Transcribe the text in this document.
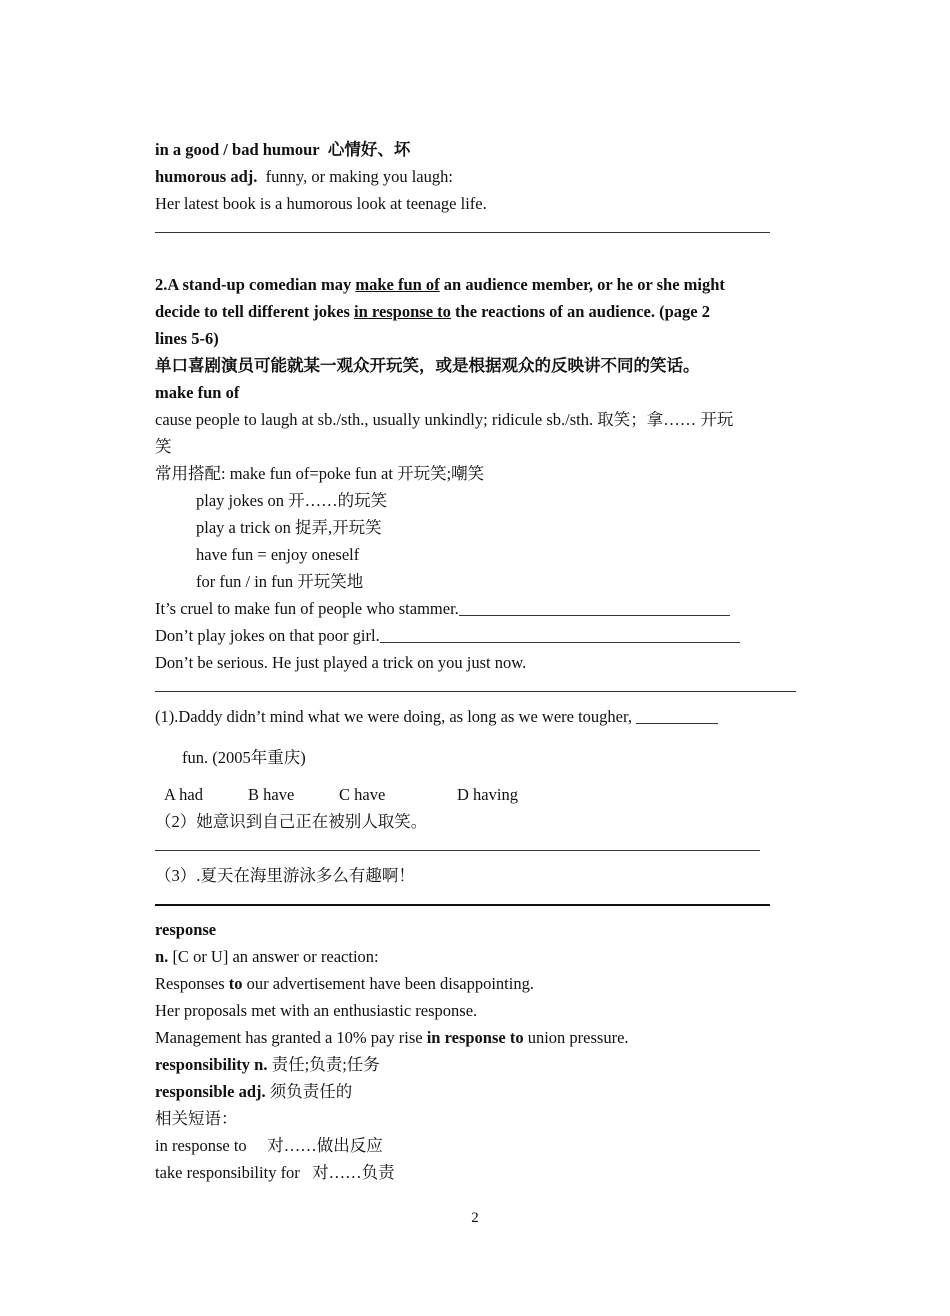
in a good / bad humour 心情好、坏
humorous adj. funny, or making you laugh:
Her latest book is a humorous look at teenage life.
2.A stand-up comedian may make fun of an audience member, or he or she might
decide to tell different jokes in response to the reactions of an audience. (page 2
lines 5-6)
单口喜剧演员可能就某一观众开玩笑，或是根据观众的反映讲不同的笑话。
make fun of
cause people to laugh at sb./sth., usually unkindly; ridicule sb./sth. 取笑；拿…… 开玩
笑
常用搭配: make fun of=poke fun at 开玩笑;嘲笑
play jokes on 开……的玩笑
play a trick on 捉弄,开玩笑
have fun = enjoy oneself
for fun / in fun 开玩笑地
It’s cruel to make fun of people who stammer.
Don’t play jokes on that poor girl.
Don’t be serious. He just played a trick on you just now.
(1).Daddy didn’t mind what we were doing, as long as we were tougher,
fun. (2005年重庆)
A had	B have	C have	D having
（2）她意识到自己正在被别人取笑。
（3）.夏天在海里游泳多么有趣啊！
response
n. [C or U] an answer or reaction:
Responses to our advertisement have been disappointing.
Her proposals met with an enthusiastic response.
Management has granted a 10% pay rise in response to union pressure.
responsibility n. 责任;负责;任务
responsible adj. 须负责任的
相关短语：
in response to     对……做出反应
take responsibility for   对……负责
2
